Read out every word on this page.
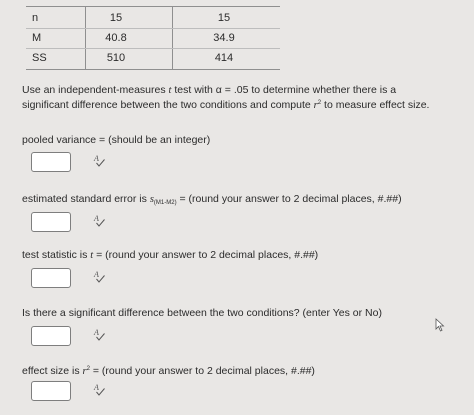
n	15	15
M	40.8	34.9
SS	510	414
Use an independent-measures t test with α = .05 to determine whether there is a significant difference between the two conditions and compute $r^2$ to measure effect size.
pooled variance = (should be an integer)
A
estimated standard error is $s_{(M1-M2)}$ = (round your answer to 2 decimal places, #.##)
A
test statistic is t = (round your answer to 2 decimal places, #.##)
A
Is there a significant difference between the two conditions? (enter Yes or No)
A
effect size is $r^2$ = (round your answer to 2 decimal places, #.##)
A
